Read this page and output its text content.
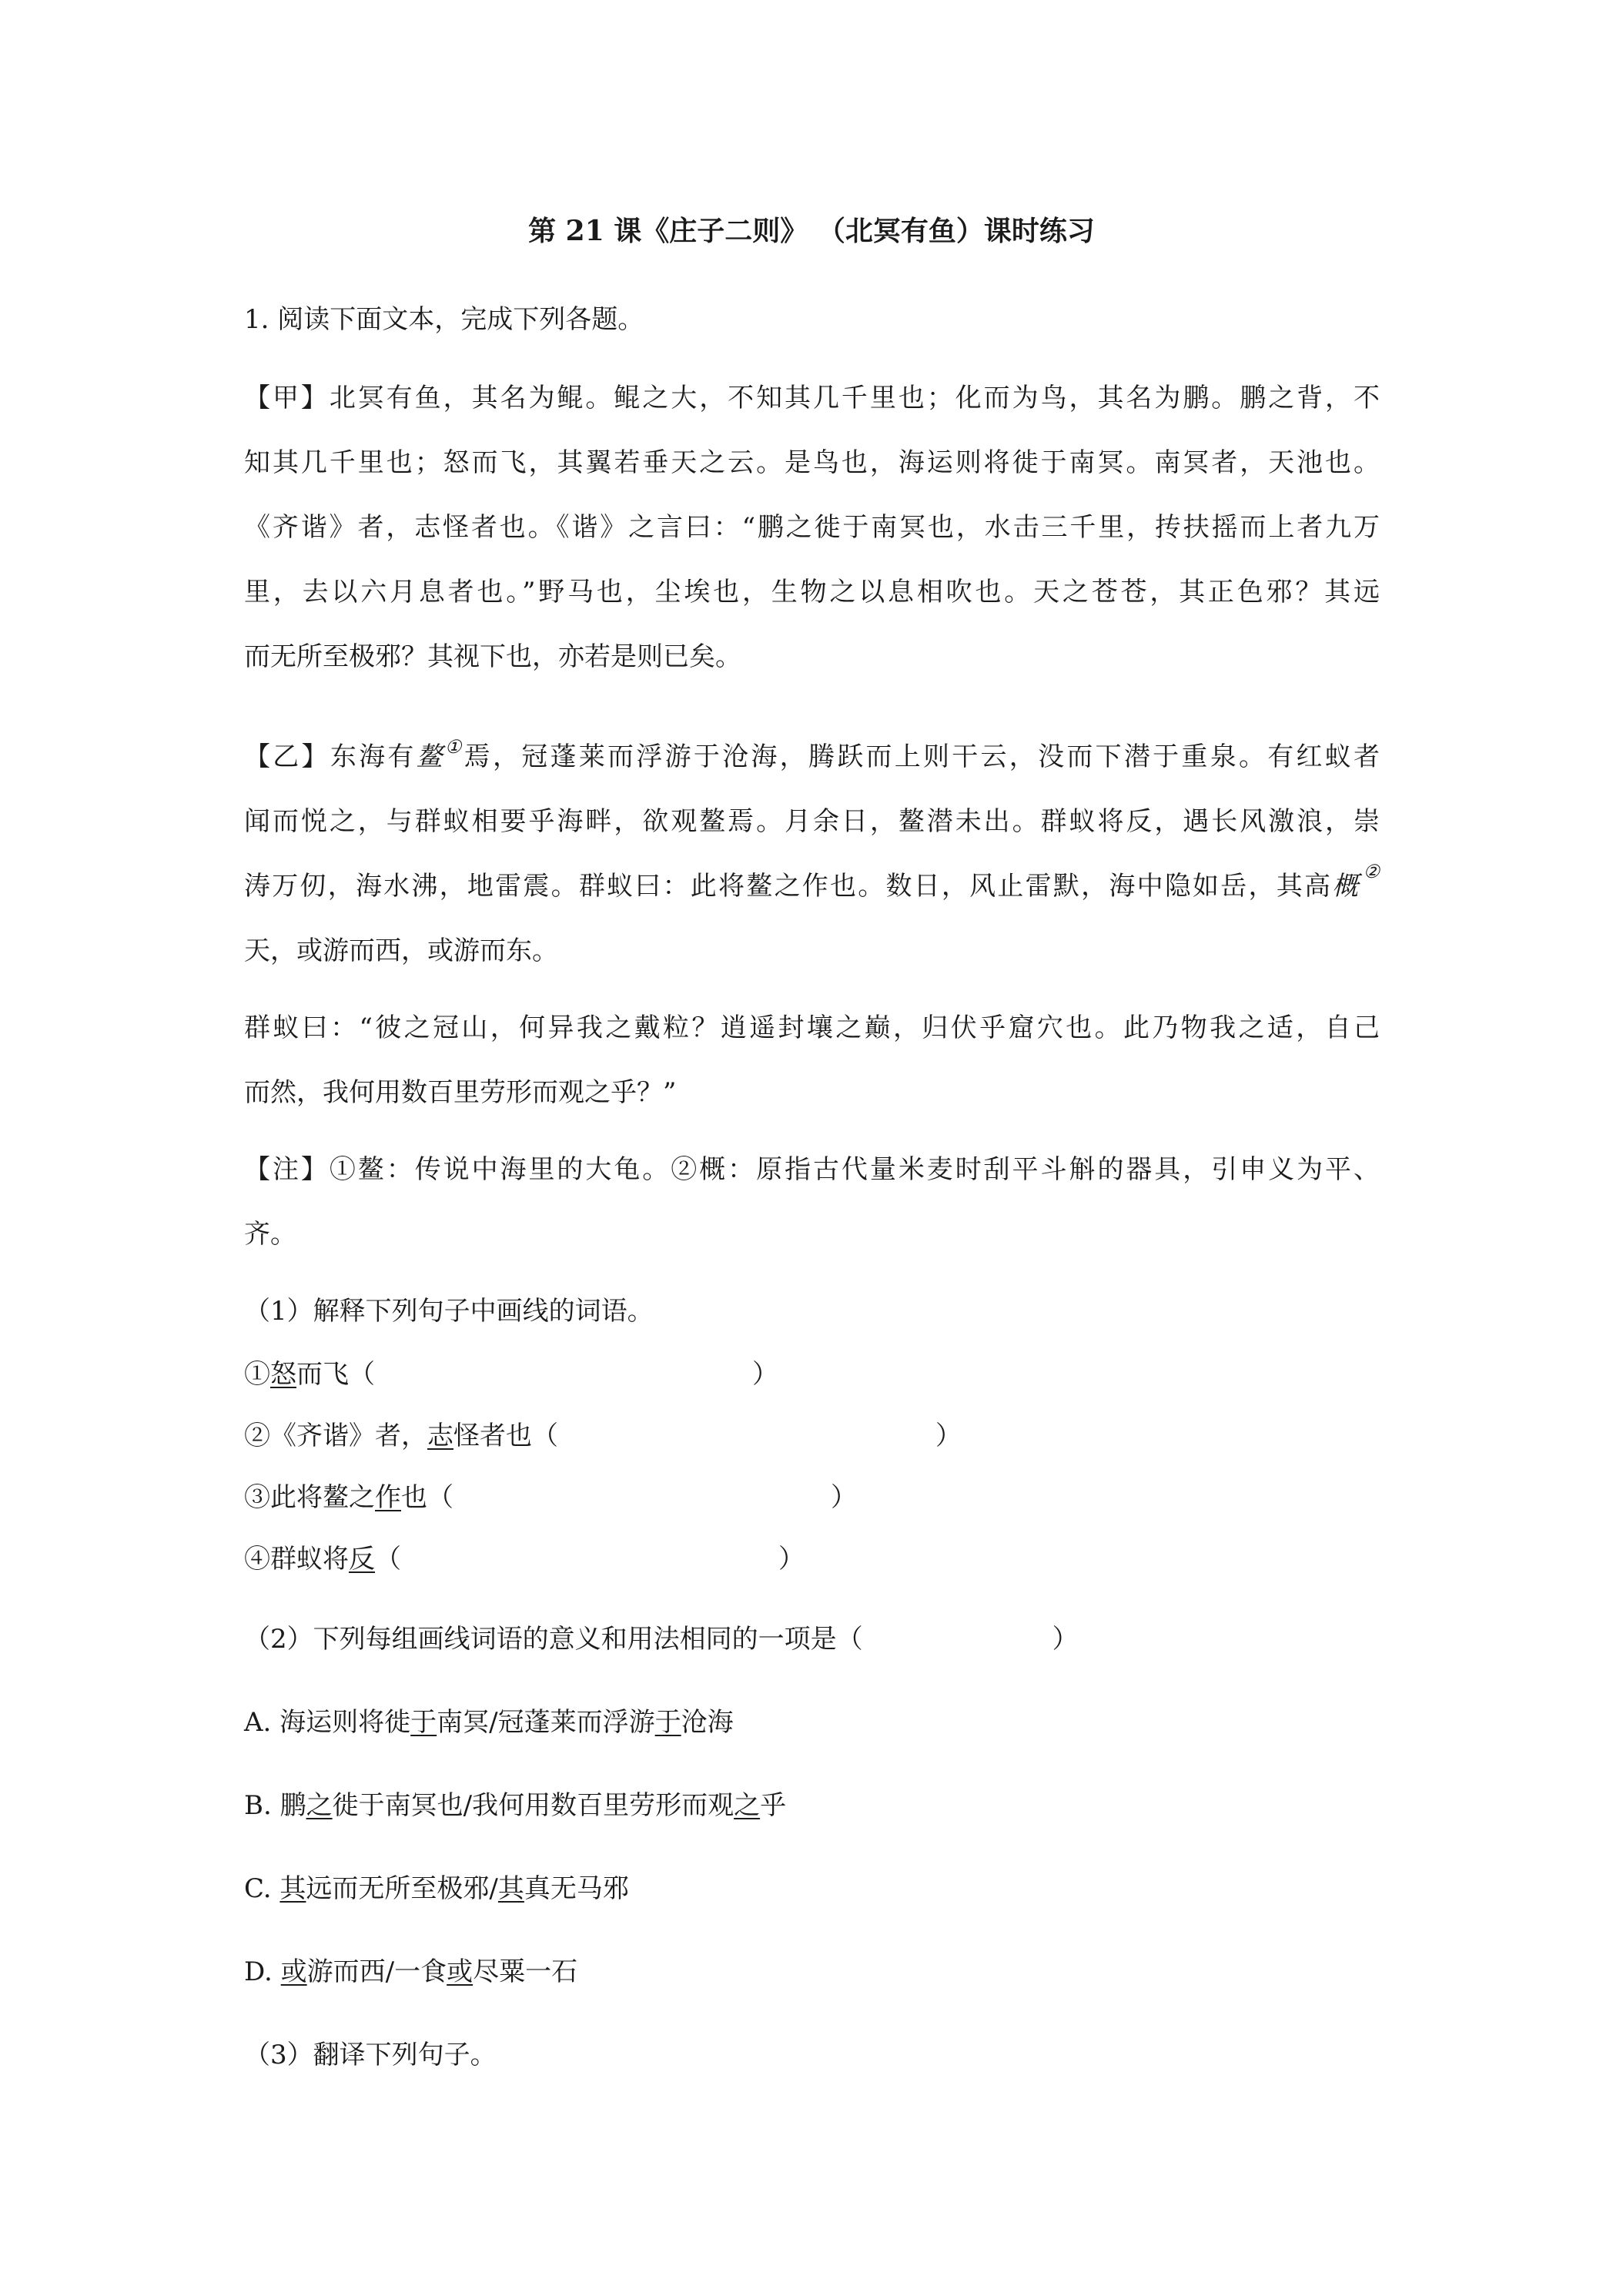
第 21 课《庄子二则》 （北冥有鱼）课时练习
1. 阅读下面文本，完成下列各题。
【甲】北冥有鱼，其名为鲲。鲲之大，不知其几千里也；化而为鸟，其名为鹏。鹏之背，不
知其几千里也；怒而飞，其翼若垂天之云。是鸟也，海运则将徙于南冥。南冥者，天池也。
《齐谐》者，志怪者也。《谐》之言曰：“鹏之徙于南冥也，水击三千里，抟扶摇而上者九万
里，去以六月息者也。”野马也，尘埃也，生物之以息相吹也。天之苍苍，其正色邪？其远
而无所至极邪？其视下也，亦若是则已矣。
【乙】东海有鳌①焉，冠蓬莱而浮游于沧海，腾跃而上则干云，没而下潜于重泉。有红蚁者
闻而悦之，与群蚁相要乎海畔，欲观鳌焉。月余日，鳌潜未出。群蚁将反，遇长风激浪，崇
涛万仞，海水沸，地雷震。群蚁曰：此将鳌之作也。数日，风止雷默，海中隐如岳，其高概 ②
天，或游而西，或游而东。
群蚁曰：“彼之冠山，何异我之戴粒？逍遥封壤之巅，归伏乎窟穴也。此乃物我之适，自己
而然，我何用数百里劳形而观之乎？”
【注】①鳌：传说中海里的大龟。②概：原指古代量米麦时刮平斗斛的器具，引申义为平、
齐。
（1）解释下列句子中画线的词语。
①怒而飞（	）
②《齐谐》者，志怪者也（	）
③此将鳌之作也（	）
④群蚁将反（	）
（2）下列每组画线词语的意义和用法相同的一项是（	）
A. 海运则将徙于南冥/冠蓬莱而浮游于沧海
B. 鹏之徙于南冥也/我何用数百里劳形而观之乎
C. 其远而无所至极邪/其真无马邪
D. 或游而西/一食或尽粟一石
（3）翻译下列句子。
